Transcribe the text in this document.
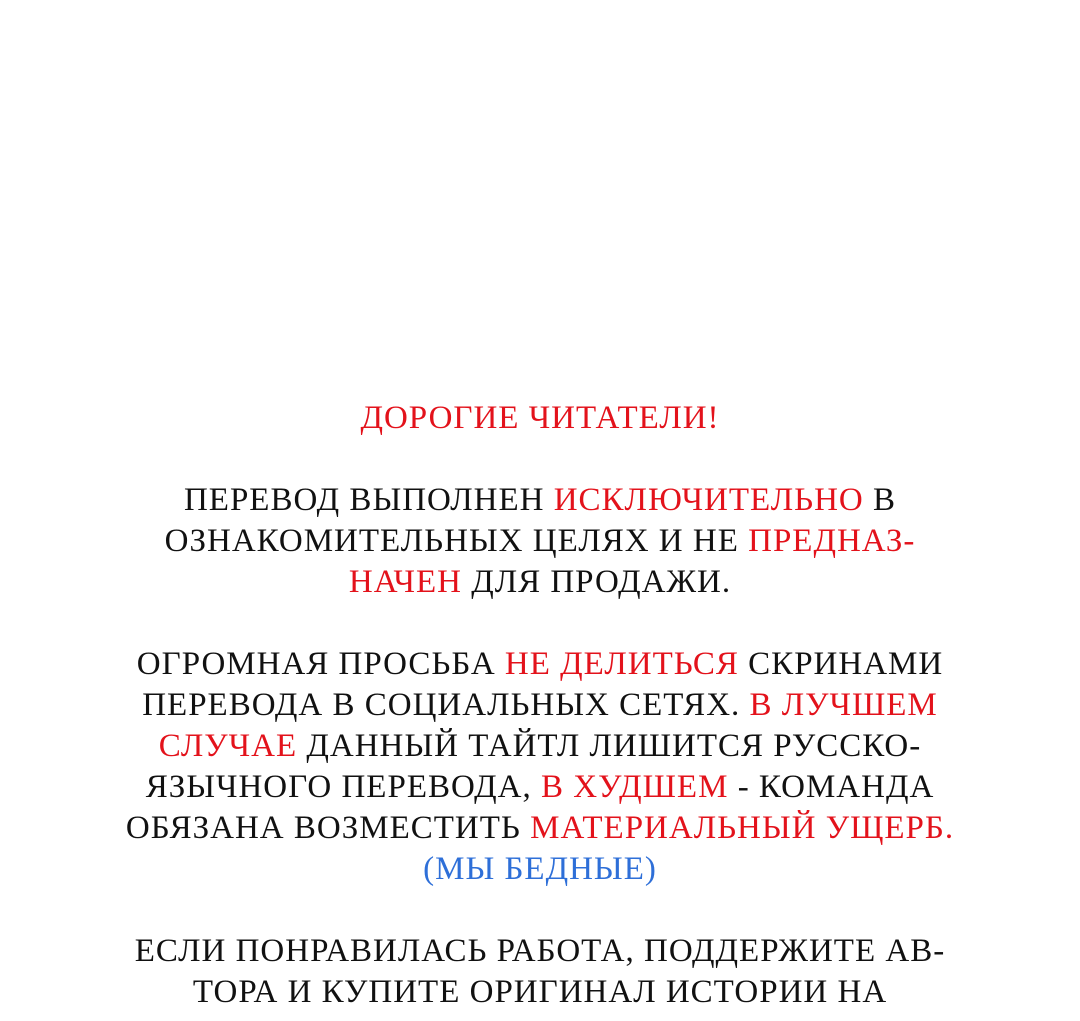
ДОРОГИЕ ЧИТАТЕЛИ!
ПЕРЕВОД ВЫПОЛНЕН ИСКЛЮЧИТЕЛЬНО В
ОЗНАКОМИТЕЛЬНЫХ ЦЕЛЯХ И НЕ ПРЕДНАЗ-
НАЧЕН ДЛЯ ПРОДАЖИ.
ОГРОМНАЯ ПРОСЬБА НЕ ДЕЛИТЬСЯ СКРИНАМИ
ПЕРЕВОДА В СОЦИАЛЬНЫХ СЕТЯХ. В ЛУЧШЕМ
СЛУЧАЕ ДАННЫЙ ТАЙТЛ ЛИШИТСЯ РУССКО-
ЯЗЫЧНОГО ПЕРЕВОДА, В ХУДШЕМ - КОМАНДА
ОБЯЗАНА ВОЗМЕСТИТЬ МАТЕРИАЛЬНЫЙ УЩЕРБ.
(МЫ БЕДНЫЕ)
ЕСЛИ ПОНРАВИЛАСЬ РАБОТА, ПОДДЕРЖИТЕ АВ-
ТОРА И КУПИТЕ ОРИГИНАЛ ИСТОРИИ НА
